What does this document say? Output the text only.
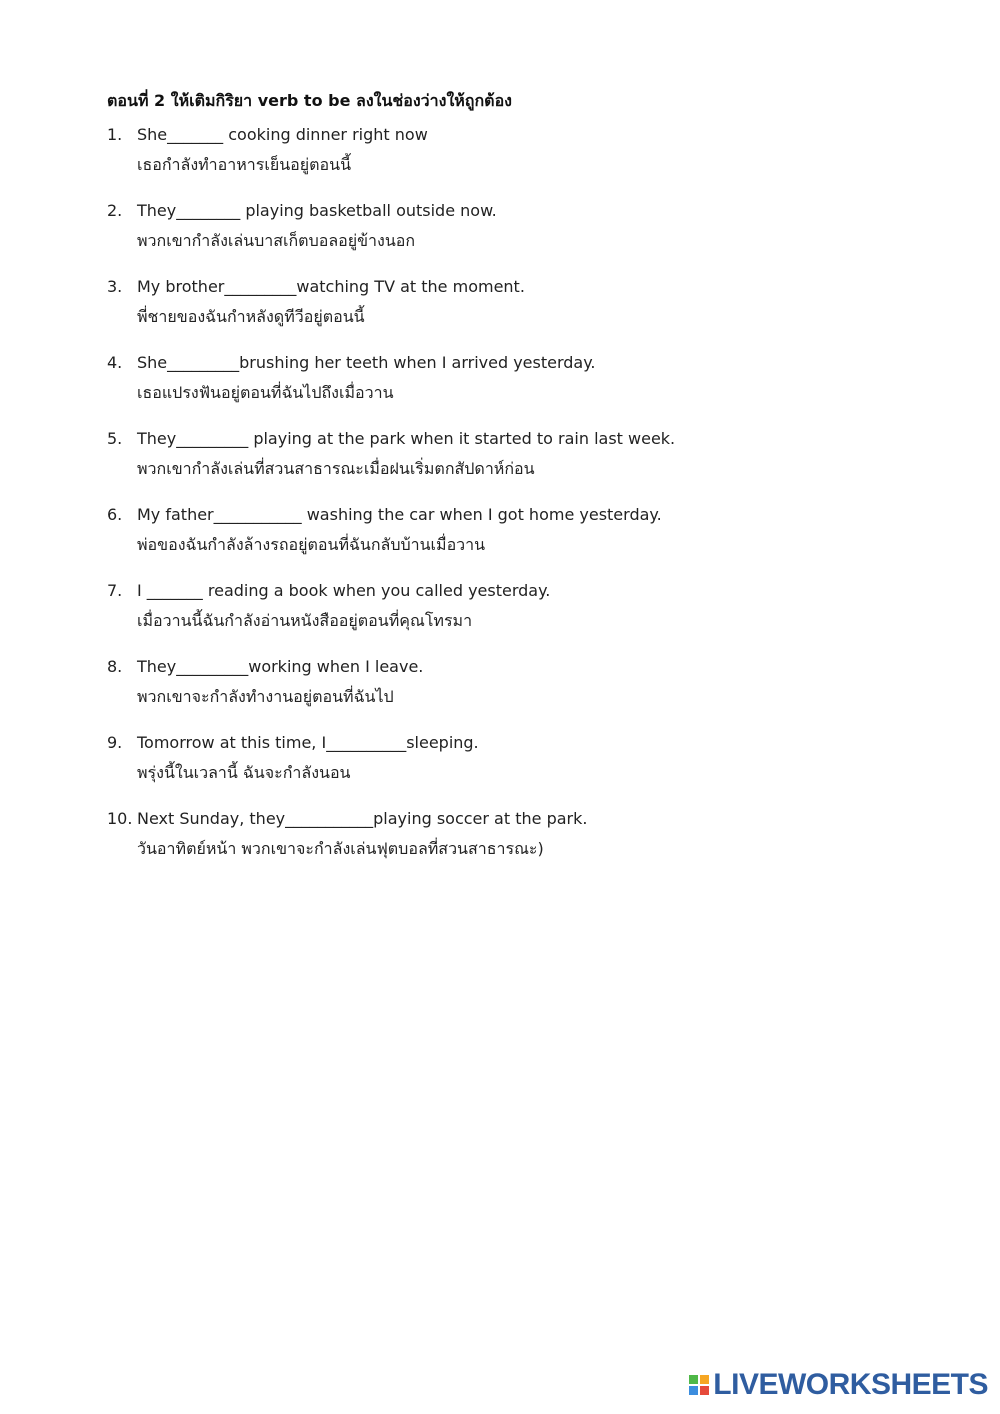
ตอนที่ 2 ให้เติมกิริยา verb to be ลงในช่องว่างให้ถูกต้อง
1. She_______ cooking dinner right now
เธอกำลังทำอาหารเย็นอยู่ตอนนี้
2. They________ playing basketball outside now.
พวกเขากำลังเล่นบาสเก็ตบอลอยู่ข้างนอก
3. My brother_________watching TV at the moment.
พี่ชายของฉันกำหลังดูทีวีอยู่ตอนนี้
4. She_________brushing her teeth when I arrived yesterday.
เธอแปรงฟันอยู่ตอนที่ฉันไปถึงเมื่อวาน
5. They_________ playing at the park when it started to rain last week.
พวกเขากำลังเล่นที่สวนสาธารณะเมื่อฝนเริ่มตกสัปดาห์ก่อน
6. My father___________ washing the car when I got home yesterday.
พ่อของฉันกำลังล้างรถอยู่ตอนที่ฉันกลับบ้านเมื่อวาน
7. I _______ reading a book when you called yesterday.
เมื่อวานนี้ฉันกำลังอ่านหนังสืออยู่ตอนที่คุณโทรมา
8. They_________working when I leave.
พวกเขาจะกำลังทำงานอยู่ตอนที่ฉันไป
9. Tomorrow at this time, I__________sleeping.
พรุ่งนี้ในเวลานี้ ฉันจะกำลังนอน
10. Next Sunday, they___________playing soccer at the park.
วันอาทิตย์หน้า พวกเขาจะกำลังเล่นฟุตบอลที่สวนสาธารณะ)
LIVEWORKSHEETS
